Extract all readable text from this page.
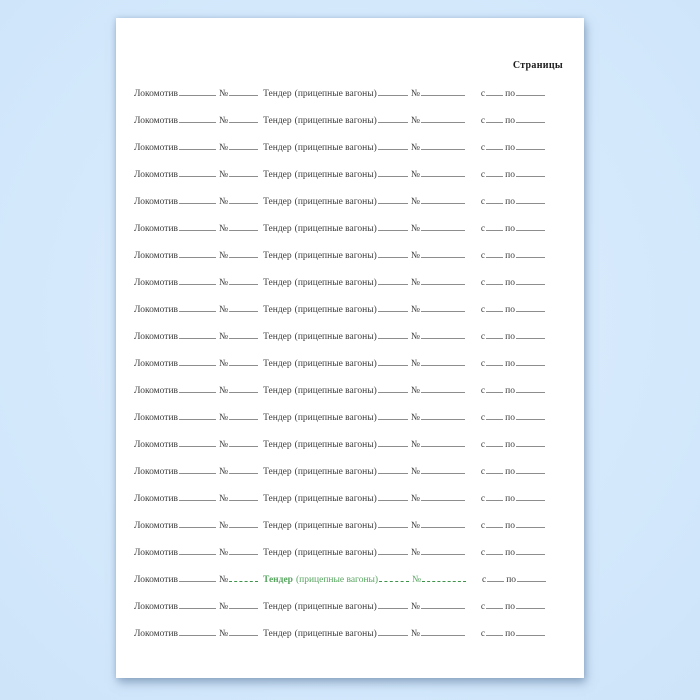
Страницы
Локомотив	№	Тендер (прицепные вагоны)	№	с по
Локомотив	№	Тендер (прицепные вагоны)	№	с по
Локомотив	№	Тендер (прицепные вагоны)	№	с по
Локомотив	№	Тендер (прицепные вагоны)	№	с по
Локомотив	№	Тендер (прицепные вагоны)	№	с по
Локомотив	№	Тендер (прицепные вагоны)	№	с по
Локомотив	№	Тендер (прицепные вагоны)	№	с по
Локомотив	№	Тендер (прицепные вагоны)	№	с по
Локомотив	№	Тендер (прицепные вагоны)	№	с по
Локомотив	№	Тендер (прицепные вагоны)	№	с по
Локомотив	№	Тендер (прицепные вагоны)	№	с по
Локомотив	№	Тендер (прицепные вагоны)	№	с по
Локомотив	№	Тендер (прицепные вагоны)	№	с по
Локомотив	№	Тендер (прицепные вагоны)	№	с по
Локомотив	№	Тендер (прицепные вагоны)	№	с по
Локомотив	№	Тендер (прицепные вагоны)	№	с по
Локомотив	№	Тендер (прицепные вагоны)	№	с по
Локомотив	№	Тендер (прицепные вагоны)	№	с по
Локомотив	№	Тендер (прицепные вагоны)	№	с по
Локомотив	№	Тендер (прицепные вагоны)	№	с по
Локомотив	№	Тендер (прицепные вагоны)	№	с по
